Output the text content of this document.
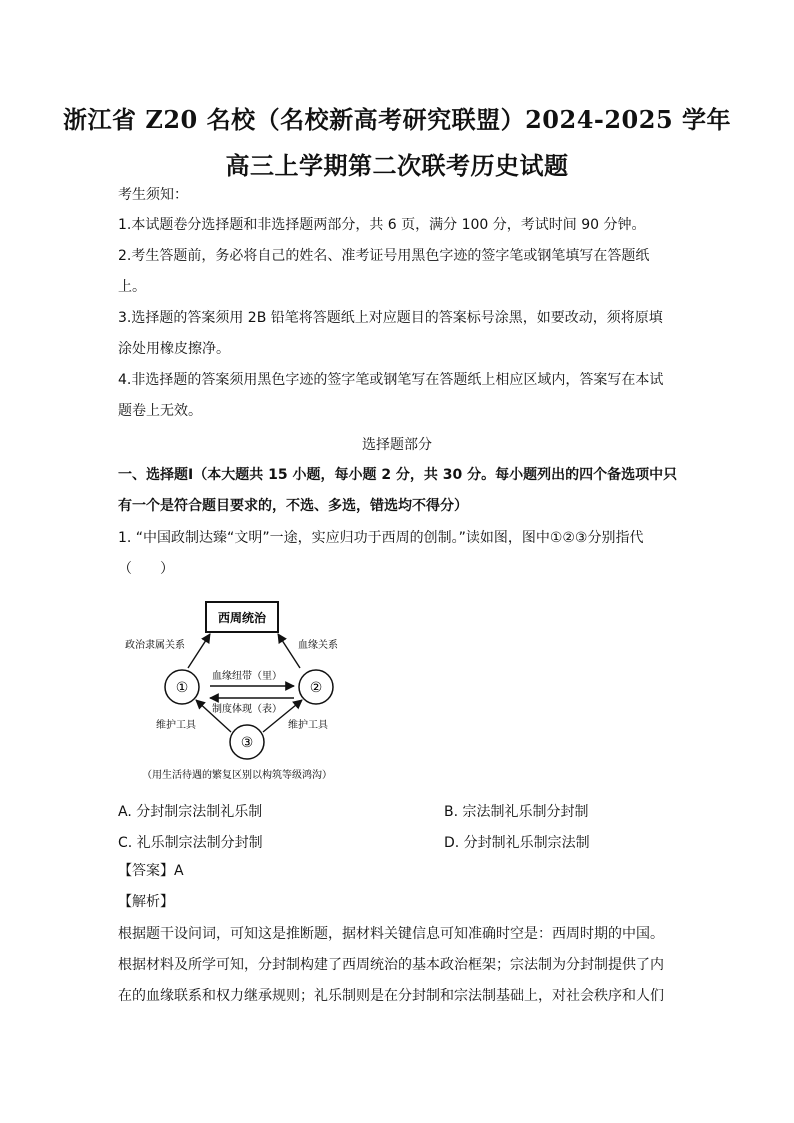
浙江省 Z20 名校（名校新高考研究联盟）2024-2025 学年
高三上学期第二次联考历史试题
考生须知：
1.本试题卷分选择题和非选择题两部分，共 6 页，满分 100 分，考试时间 90 分钟。
2.考生答题前，务必将自己的姓名、准考证号用黑色字迹的签字笔或钢笔填写在答题纸
上。
3.选择题的答案须用 2B 铅笔将答题纸上对应题目的答案标号涂黑，如要改动，须将原填
涂处用橡皮擦净。
4.非选择题的答案须用黑色字迹的签字笔或钢笔写在答题纸上相应区域内，答案写在本试
题卷上无效。
选择题部分
一、选择题Ⅰ（本大题共 15 小题，每小题 2 分，共 30 分。每小题列出的四个备选项中只
有一个是符合题目要求的，不选、多选，错选均不得分）
1. “中国政制达臻“文明”一途，实应归功于西周的创制。”读如图，图中①②③分别指代
（　　）
西周统治
政治隶属关系	血缘关系
①	②
③
血缘纽带（里）
制度体现（表）
维护工具	维护工具
（用生活待遇的繁复区别以构筑等级鸿沟）
A. 分封制宗法制礼乐制	B. 宗法制礼乐制分封制
C. 礼乐制宗法制分封制	D. 分封制礼乐制宗法制
【答案】A
【解析】
根据题干设问词，可知这是推断题，据材料关键信息可知准确时空是：西周时期的中国。
根据材料及所学可知，分封制构建了西周统治的基本政治框架；宗法制为分封制提供了内
在的血缘联系和权力继承规则；礼乐制则是在分封制和宗法制基础上，对社会秩序和人们
